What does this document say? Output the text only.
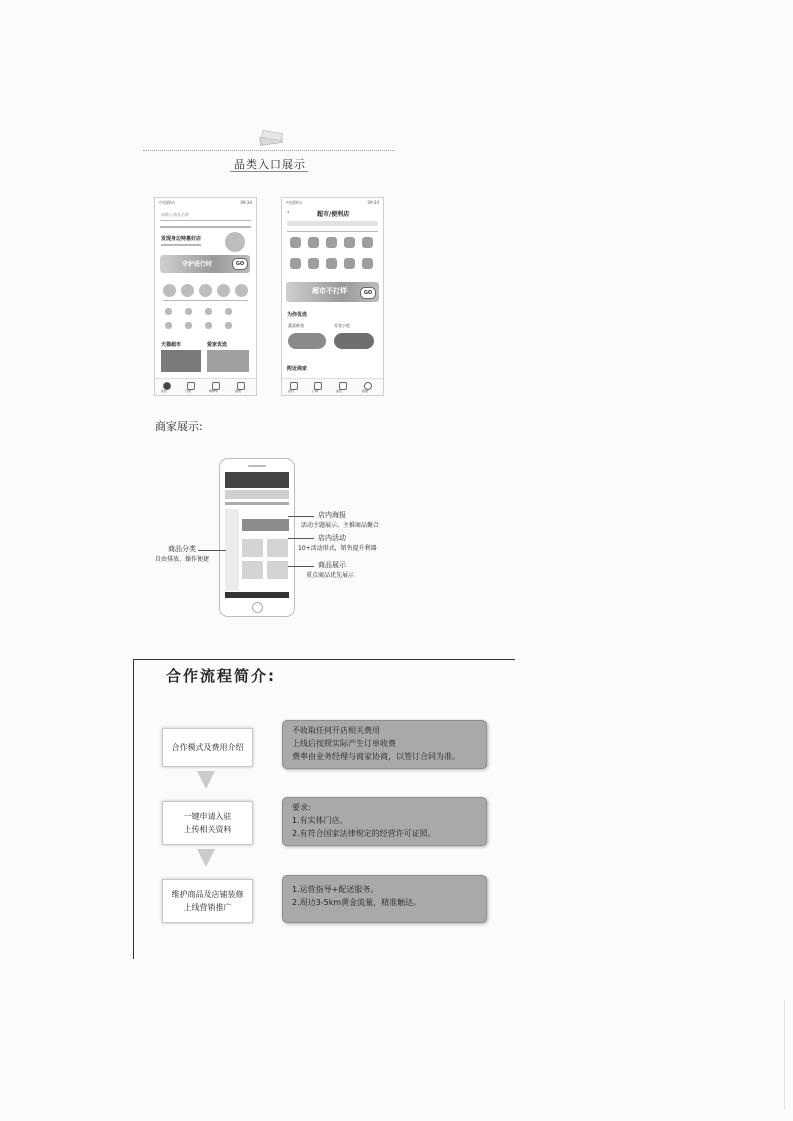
品类入口展示
中国移动	09:34
请输入商品名称
发现身边特惠好店
守护进行时	GO
天猫超市	爱家优选
首页	分类	购物车	我的
中国移动	09:34
‹	超市/便利店
超市不打烊	GO
为你优选
蔬菜鲜货	零食小吃
附近商家
首页	订单	消息	我的
商家展示:
店内海报
活动主题展示、主推商品聚合
店内活动
10+活动形式，销售提升利器
商品分类
自由排放、操作便捷
商品展示
重点商品优先展示
合作流程简介:
合作模式及费用介绍
不收取任何开店相关费用
上线后按照实际产生订单收费
费率由业务经理与商家协商，以签订合同为准。
一键申请入驻
上传相关资料
要求:
1.有实体门店。
2.有符合国家法律规定的经营许可证照。
维护商品及店铺装修
上线营销推广
1.运营指导+配送服务。
2.周边3-5km黄金流量，精准触达。
